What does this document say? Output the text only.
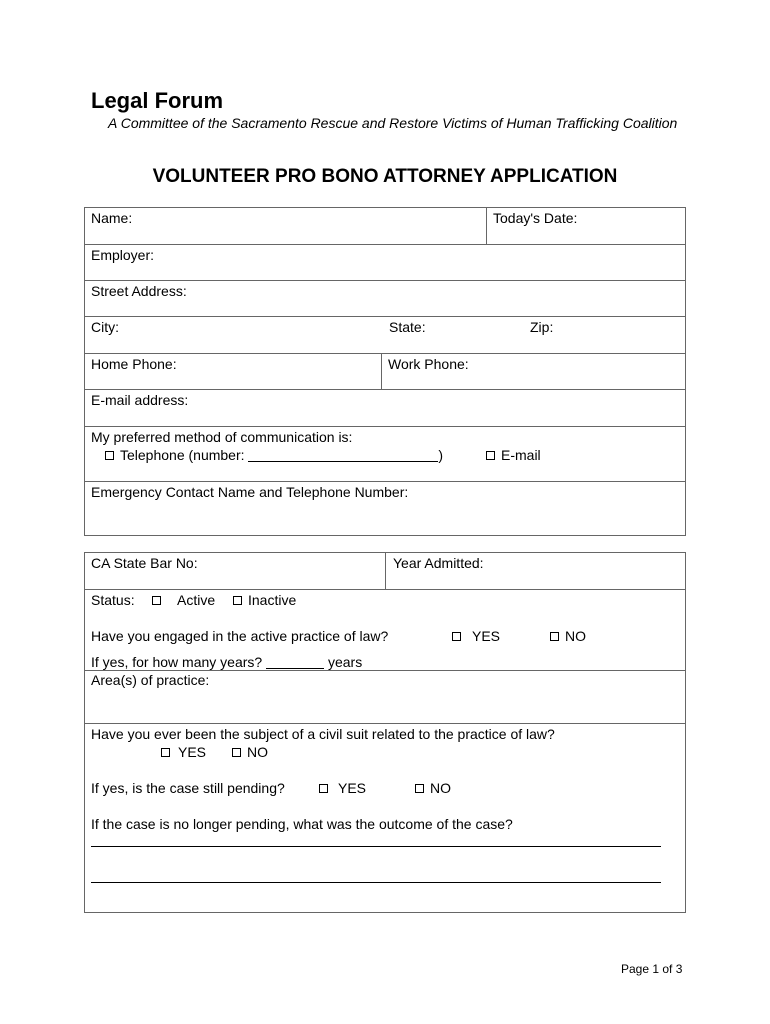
Legal Forum

A Committee of the Sacramento Rescue and Restore Victims of Human Trafficking Coalition

VOLUNTEER PRO BONO ATTORNEY APPLICATION
Name:	Today's Date:
Employer:
Street Address:
City:	State:	Zip:
Home Phone:	Work Phone:
E-mail address:
My preferred method of communication is:
Telephone (number:	)	E-mail
Emergency Contact Name and Telephone Number:
CA State Bar No:	Year Admitted:
Status:	Active	Inactive
Have you engaged in the active practice of law?	YES	NO
If yes, for how many years?	years
Area(s) of practice:
Have you ever been the subject of a civil suit related to the practice of law?
YES	NO
If yes, is the case still pending?	YES	NO
If the case is no longer pending, what was the outcome of the case?
Page 1 of 3
